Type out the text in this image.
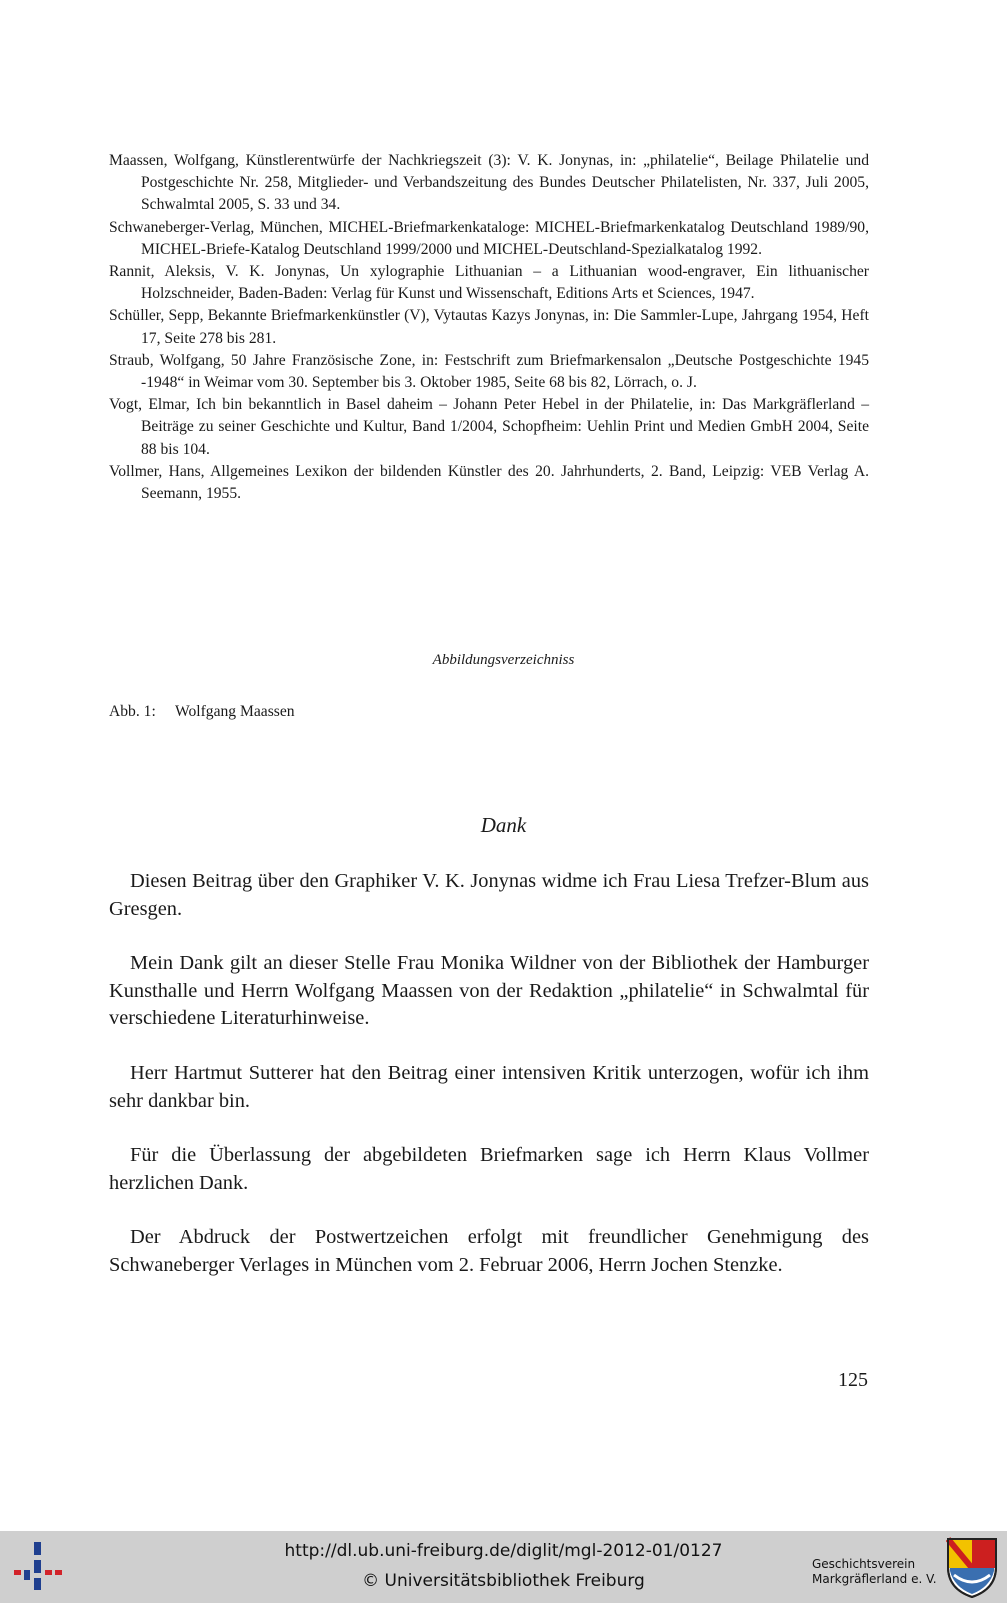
Maassen, Wolfgang, Künstlerentwürfe der Nachkriegszeit (3): V. K. Jonynas, in: „philatelie“, Beilage Philatelie und Postgeschichte Nr. 258, Mitglieder- und Verbandszeitung des Bundes Deutscher Philatelisten, Nr. 337, Juli 2005, Schwalmtal 2005, S. 33 und 34.

Schwaneberger-Verlag, München, MICHEL-Briefmarkenkataloge: MICHEL-Briefmarkenkatalog Deutschland 1989/90, MICHEL-Briefe-Katalog Deutschland 1999/2000 und MICHEL-Deutschland-Spezialkatalog 1992.

Rannit, Aleksis, V. K. Jonynas, Un xylographie Lithuanian – a Lithuanian wood-engraver, Ein lithuanischer Holzschneider, Baden-Baden: Verlag für Kunst und Wissenschaft, Editions Arts et Sciences, 1947.

Schüller, Sepp, Bekannte Briefmarkenkünstler (V), Vytautas Kazys Jonynas, in: Die Sammler-Lupe, Jahrgang 1954, Heft 17, Seite 278 bis 281.

Straub, Wolfgang, 50 Jahre Französische Zone, in: Festschrift zum Briefmarkensalon „Deutsche Postgeschichte 1945 -1948“ in Weimar vom 30. September bis 3. Oktober 1985, Seite 68 bis 82, Lörrach, o. J.

Vogt, Elmar, Ich bin bekanntlich in Basel daheim – Johann Peter Hebel in der Philatelie, in: Das Markgräflerland – Beiträge zu seiner Geschichte und Kultur, Band 1/2004, Schopfheim: Uehlin Print und Medien GmbH 2004, Seite 88 bis 104.

Vollmer, Hans, Allgemeines Lexikon der bildenden Künstler des 20. Jahrhunderts, 2. Band, Leipzig: VEB Verlag A. Seemann, 1955.

Abbildungsverzeichniss
Abb. 1: Wolfgang Maassen
Dank

Diesen Beitrag über den Graphiker V. K. Jonynas widme ich Frau Liesa Trefzer-Blum aus Gresgen.

Mein Dank gilt an dieser Stelle Frau Monika Wildner von der Bibliothek der Hamburger Kunsthalle und Herrn Wolfgang Maassen von der Redaktion „philatelie“ in Schwalmtal für verschiedene Literaturhinweise.

Herr Hartmut Sutterer hat den Beitrag einer intensiven Kritik unterzogen, wofür ich ihm sehr dankbar bin.

Für die Überlassung der abgebildeten Briefmarken sage ich Herrn Klaus Vollmer herzlichen Dank.

Der Abdruck der Postwertzeichen erfolgt mit freundlicher Genehmigung des Schwaneberger Verlages in München vom 2. Februar 2006, Herrn Jochen Stenzke.

125
http://dl.ub.uni-freiburg.de/diglit/mgl-2012-01/0127
© Universitätsbibliothek Freiburg
Geschichtsverein
Markgräflerland e. V.
